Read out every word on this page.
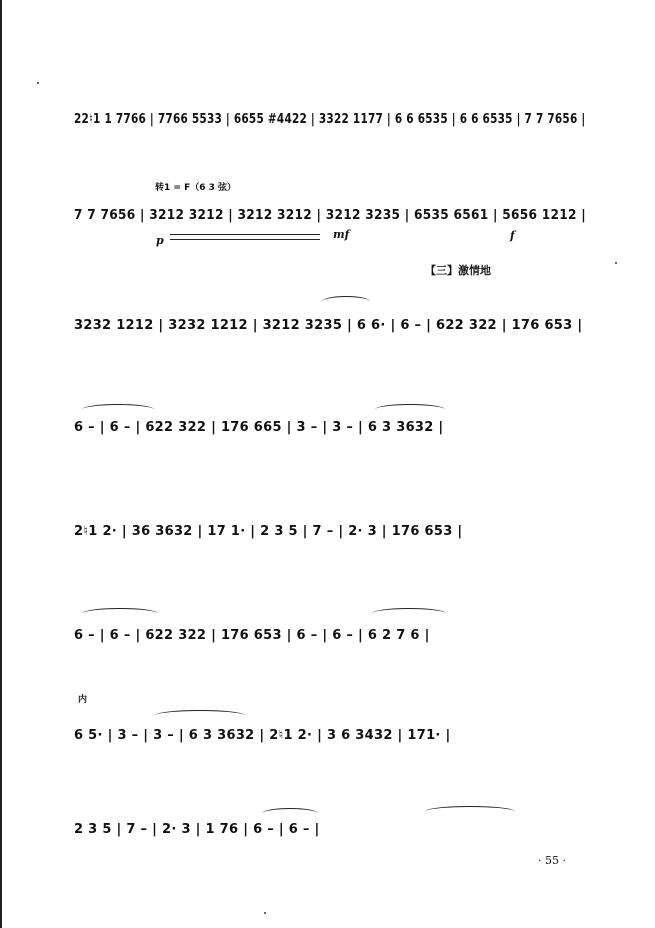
22♮1 1 7766 | 7766 5533 | 6655 #4422 | 3322 1177 | 6 6 6535 | 6 6 6535 | 7 7 7656 |
转1 = F（6 3 弦）
7 7 7656 | 3212 3212 | 3212 3212 | 3212 3235 | 6535 6561 | 5656 1212 |
p	mf	f
【三】激情地
3232 1212 | 3232 1212 | 3212 3235 | 6 6· | 6 – | 622 322 | 176 653 |
6 – | 6 – | 622 322 | 176 665 | 3 – | 3 – | 6 3 3632 |
2♮1 2· | 36 3632 | 17 1· | 2 3 5 | 7 – | 2· 3 | 176 653 |
6 – | 6 – | 622 322 | 176 653 | 6 – | 6 – | 6 2 7 6 |
内
6 5· | 3 – | 3 – | 6 3 3632 | 2♮1 2· | 3 6 3432 | 171· |
2 3 5 | 7 – | 2· 3 | 1 76 | 6 – | 6 – |
· 55 ·
